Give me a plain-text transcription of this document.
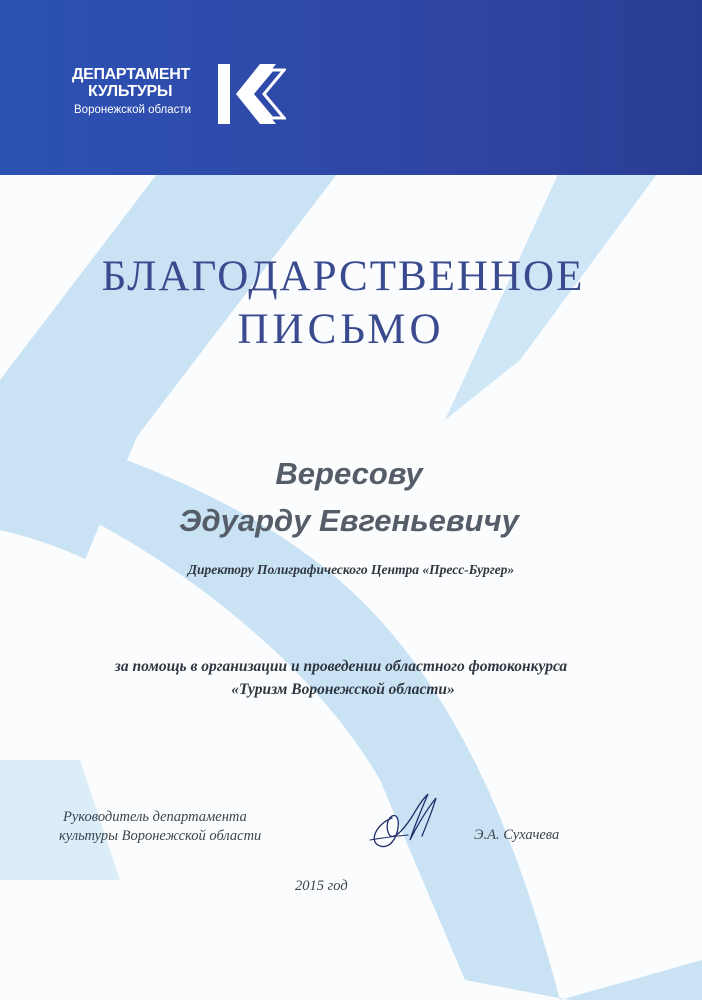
ДЕПАРТАМЕНТ
КУЛЬТУРЫ
Воронежской области
БЛАГОДАРСТВЕННОЕ
ПИСЬМО
Вересову
Эдуарду Евгеньевичу
Директору Полиграфического Центра «Пресс-Бургер»
за помощь в организации и проведении областного фотоконкурса
«Туризм Воронежской области»
Руководитель департамента
культуры Воронежской области	Э.А. Сухачева
2015 год
